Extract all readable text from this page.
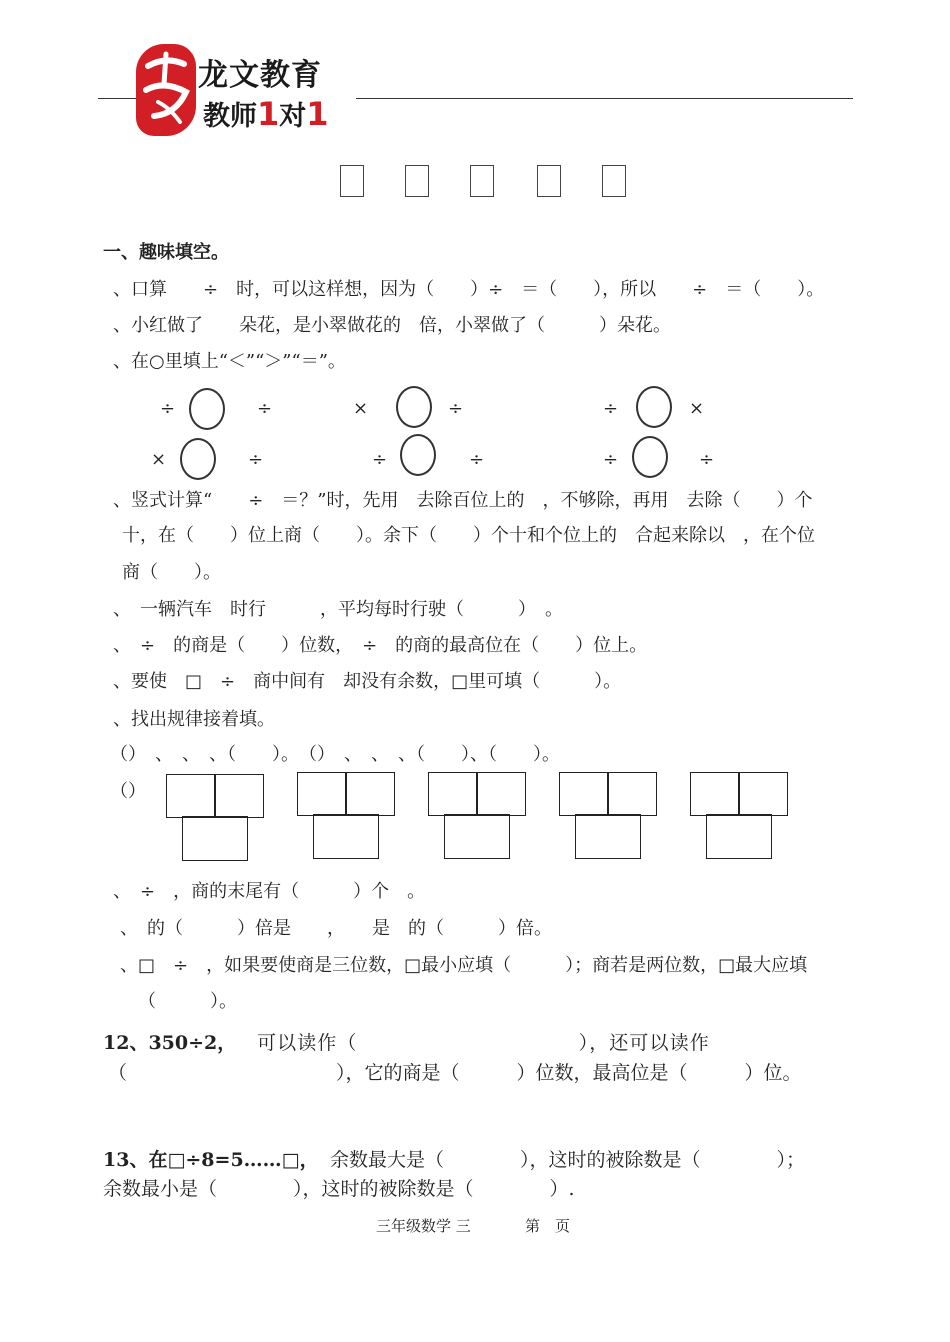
龙文教育
教师1对1
一、趣味填空。
、口算　　÷　时，可以这样想，因为（　　）÷　＝（　　），所以　　÷　＝（　　）。
、小红做了　　朵花，是小翠做花的　倍，小翠做了（　　　）朵花。
、在○里填上“＜”“＞”“＝”。
÷	÷	×	÷	÷	×
×	÷	÷	÷	÷	÷
、竖式计算“　　÷　＝？”时，先用　去除百位上的　，不够除，再用　去除（　　）个
十，在（　　）位上商（　　）。余下（　　）个十和个位上的　合起来除以　，在个位
商（　　）。
、　一辆汽车　时行　　　，平均每时行驶（　　　）　。
、　÷　的商是（　　）位数，　÷　的商的最高位在（　　）位上。
、要使　□　÷　商中间有　却没有余数，□里可填（　　　）。
、找出规律接着填。
（）　、　、　、（　　）。　（）　、　、　、（　　）、（　　）。
（）
、　÷　，商的末尾有（　　　）个　。
、　的（　　　）倍是　　，　　是　的（　　　）倍。
、□　÷　，如果要使商是三位数，□最小应填（　　　）；商若是两位数，□最大应填
（　　　）。
12、350÷2， 可以读作（　　　　　　　　　　　），还可以读作
（　　　　　　　　　　　），它的商是（　　　）位数，最高位是（　　　）位。
13、在□÷8=5……□， 余数最大是（　　　　），这时的被除数是（　　　　）；
余数最小是（　　　　），这时的被除数是（　　　　）.
三年级数学 三	第　页
